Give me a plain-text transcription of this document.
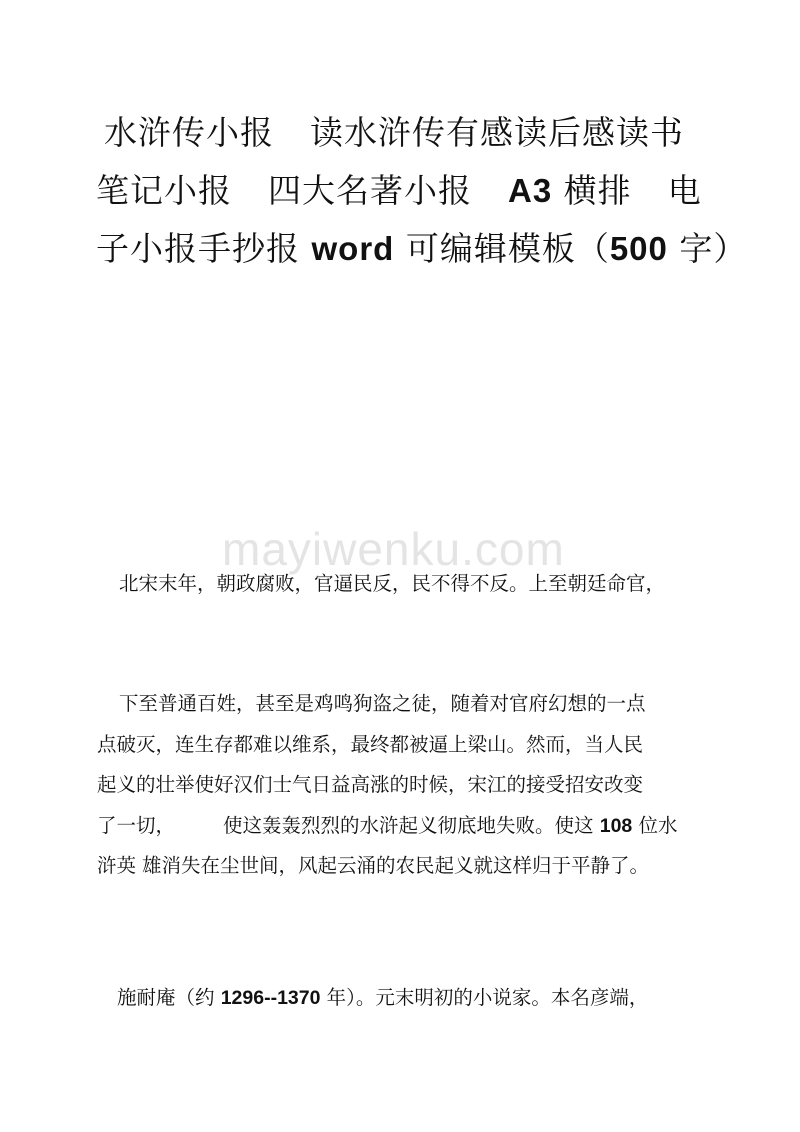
水浒传小报 读水浒传有感读后感读书
笔记小报 四大名著小报 A3 横排 电
子小报手抄报 word 可编辑模板（500 字）
mayiwenku.com

北宋末年，朝政腐败，官逼民反，民不得不反。上至朝廷命官，

下至普通百姓，甚至是鸡鸣狗盗之徒，随着对官府幻想的一点
点破灭，连生存都难以维系，最终都被逼上梁山。然而，当人民
起义的壮举使好汉们士气日益高涨的时候，宋江的接受招安改变
了一切， 使这轰轰烈烈的水浒起义彻底地失败。使这 108 位水
浒英 雄消失在尘世间，风起云涌的农民起义就这样归于平静了。

施耐庵（约 1296--1370 年）。元末明初的小说家。本名彦端，
